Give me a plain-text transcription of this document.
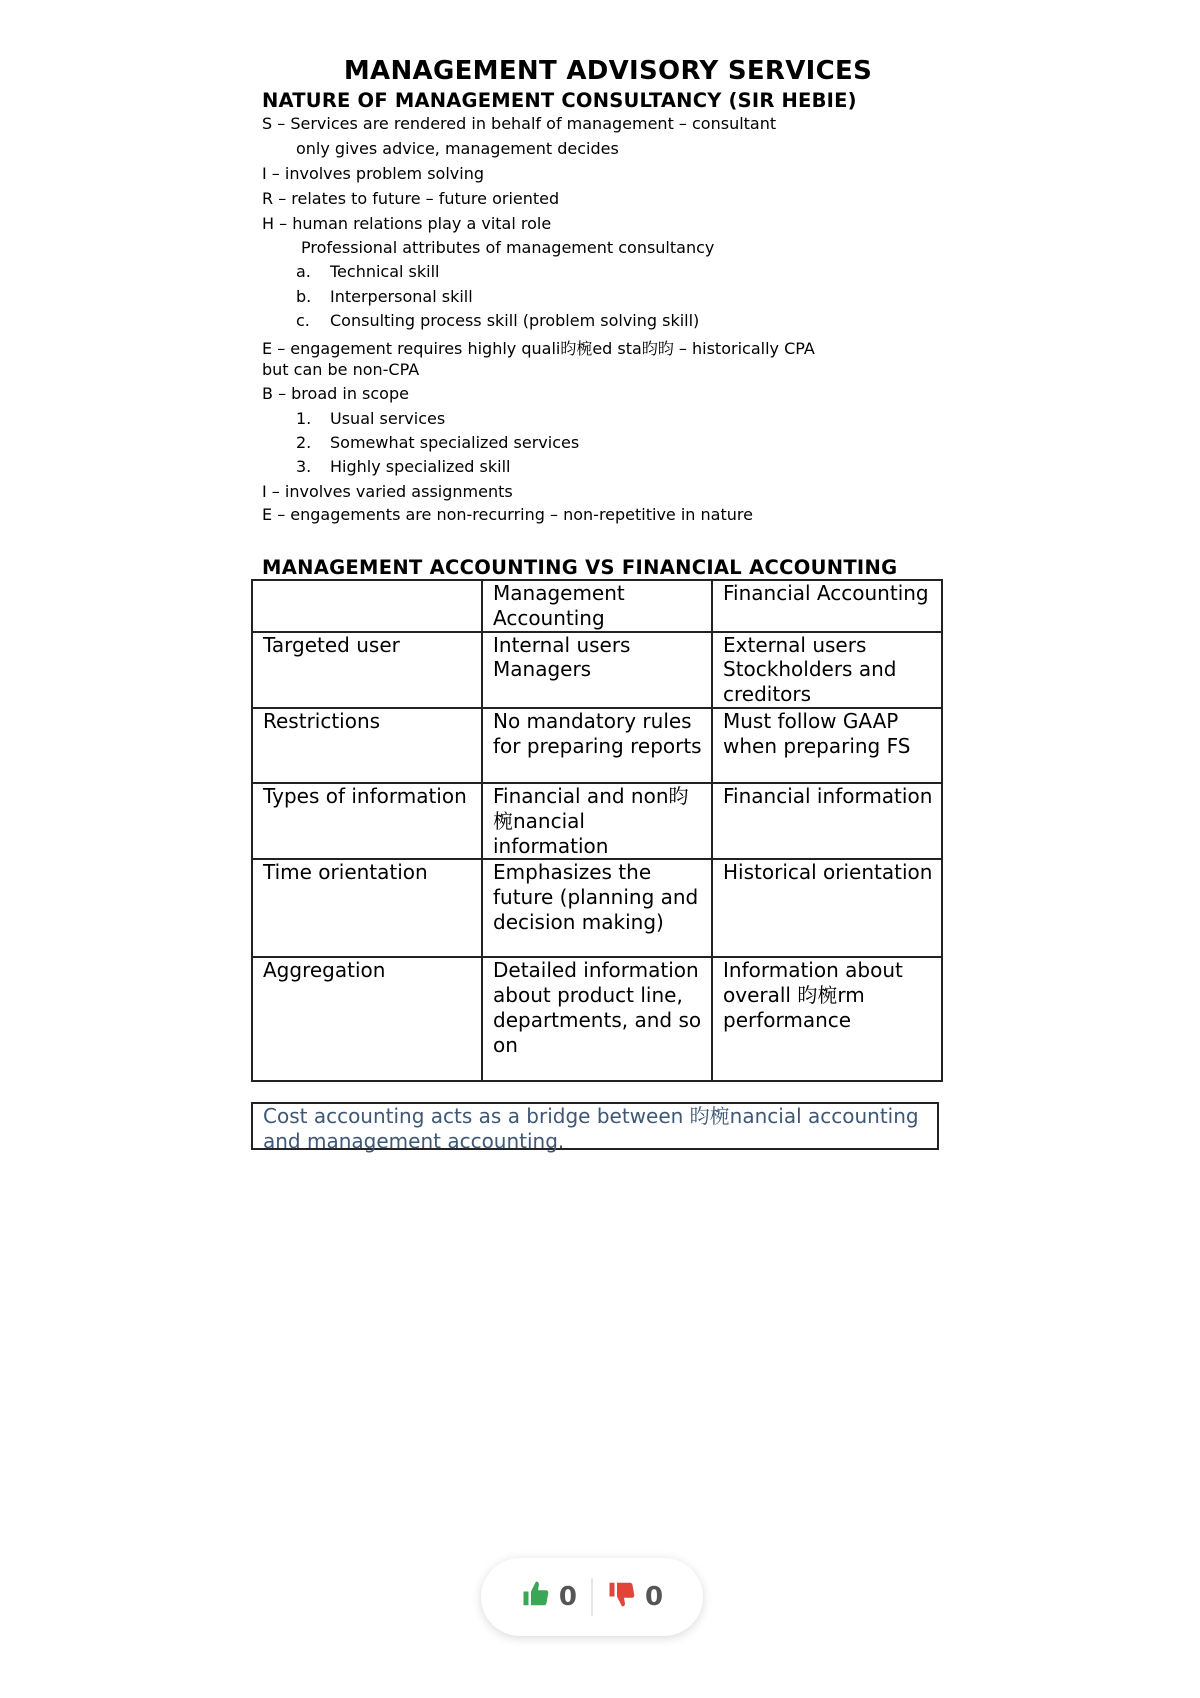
MANAGEMENT ADVISORY SERVICES
NATURE OF MANAGEMENT CONSULTANCY (SIR HEBIE)
S – Services are rendered in behalf of management – consultant
only gives advice, management decides
I – involves problem solving
R – relates to future – future oriented
H – human relations play a vital role
Professional attributes of management consultancy
a. Technical skill
b. Interpersonal skill
c. Consulting process skill (problem solving skill)
E – engagement requires highly quali昀椀ed sta昀昀 – historically CPA
but can be non-CPA
B – broad in scope
1. Usual services
2. Somewhat specialized services
3. Highly specialized skill
I – involves varied assignments
E – engagements are non-recurring – non-repetitive in nature
MANAGEMENT ACCOUNTING VS FINANCIAL ACCOUNTING
	Management Accounting	Financial Accounting
Targeted user	Internal users Managers	External users Stockholders and creditors
Restrictions	No mandatory rules for preparing reports	Must follow GAAP when preparing FS
Types of information	Financial and non昀椀nancial information	Financial information
Time orientation	Emphasizes the future (planning and decision making)	Historical orientation
Aggregation	Detailed information about product line, departments, and so on	Information about overall 昀椀rm performance
Cost accounting acts as a bridge between 昀椀nancial accounting
and management accounting.
0	0
